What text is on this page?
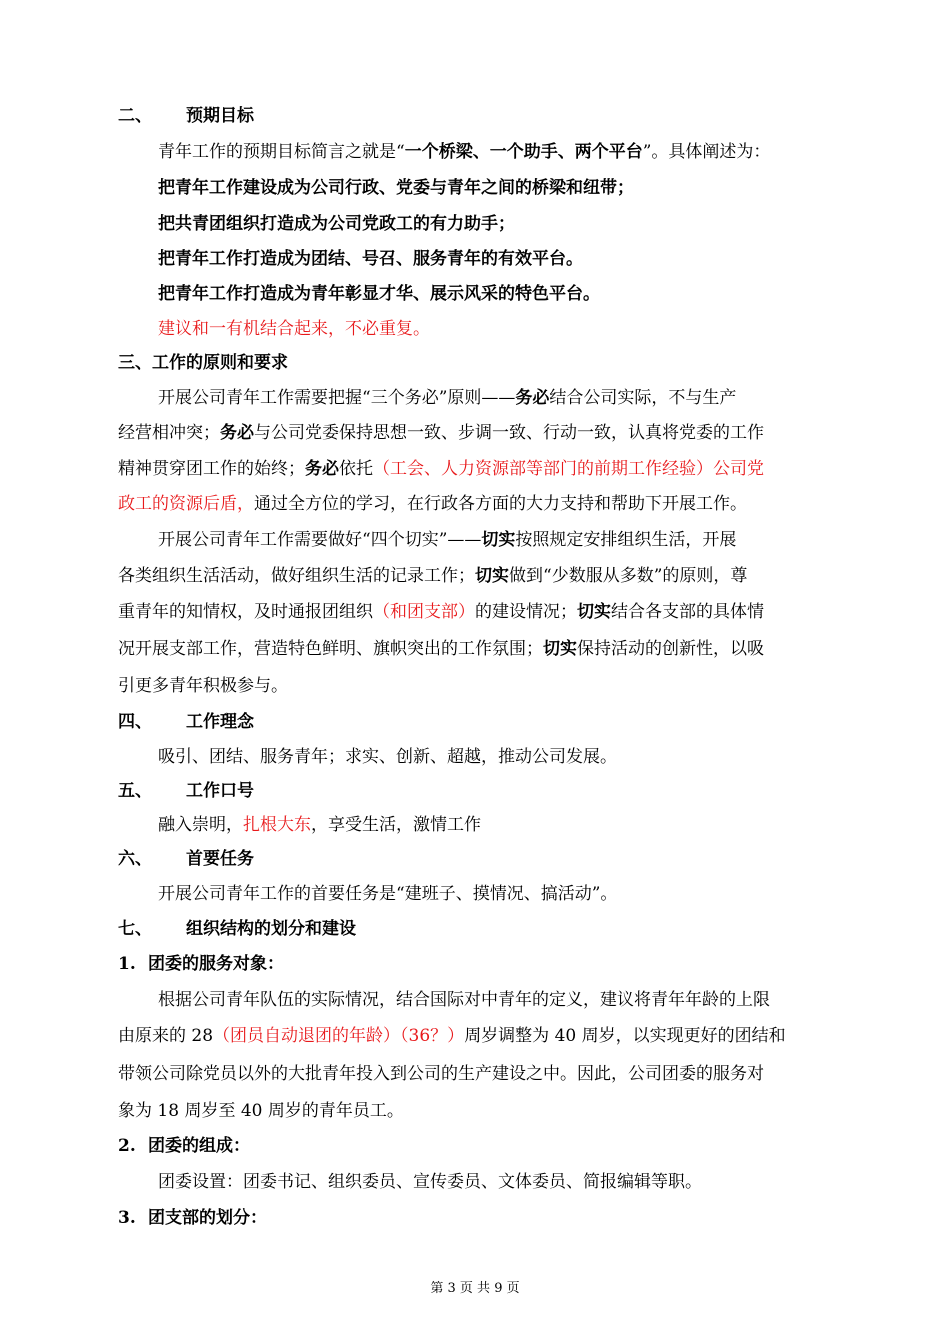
二、 预期目标
青年工作的预期目标简言之就是“一个桥梁、一个助手、两个平台”。具体阐述为：
把青年工作建设成为公司行政、党委与青年之间的桥梁和纽带；
把共青团组织打造成为公司党政工的有力助手；
把青年工作打造成为团结、号召、服务青年的有效平台。
把青年工作打造成为青年彰显才华、展示风采的特色平台。
建议和一有机结合起来，不必重复。
三、工作的原则和要求
开展公司青年工作需要把握“三个务必”原则——务必结合公司实际，不与生产
经营相冲突；务必与公司党委保持思想一致、步调一致、行动一致，认真将党委的工作
精神贯穿团工作的始终；务必依托（工会、人力资源部等部门的前期工作经验）公司党
政工的资源后盾，通过全方位的学习，在行政各方面的大力支持和帮助下开展工作。
开展公司青年工作需要做好“四个切实”——切实按照规定安排组织生活，开展
各类组织生活活动，做好组织生活的记录工作；切实做到“少数服从多数”的原则，尊
重青年的知情权，及时通报团组织（和团支部）的建设情况；切实结合各支部的具体情
况开展支部工作，营造特色鲜明、旗帜突出的工作氛围；切实保持活动的创新性，以吸
引更多青年积极参与。
四、 工作理念
吸引、团结、服务青年；求实、创新、超越，推动公司发展。
五、 工作口号
融入崇明，扎根大东，享受生活，激情工作
六、 首要任务
开展公司青年工作的首要任务是“建班子、摸情况、搞活动”。
七、 组织结构的划分和建设
1. 团委的服务对象：
根据公司青年队伍的实际情况，结合国际对中青年的定义，建议将青年年龄的上限
由原来的 28（团员自动退团的年龄）（36？）周岁调整为 40 周岁，以实现更好的团结和
带领公司除党员以外的大批青年投入到公司的生产建设之中。因此，公司团委的服务对
象为 18 周岁至 40 周岁的青年员工。
2. 团委的组成：
团委设置：团委书记、组织委员、宣传委员、文体委员、简报编辑等职。
3. 团支部的划分：
第 3 页 共 9 页
